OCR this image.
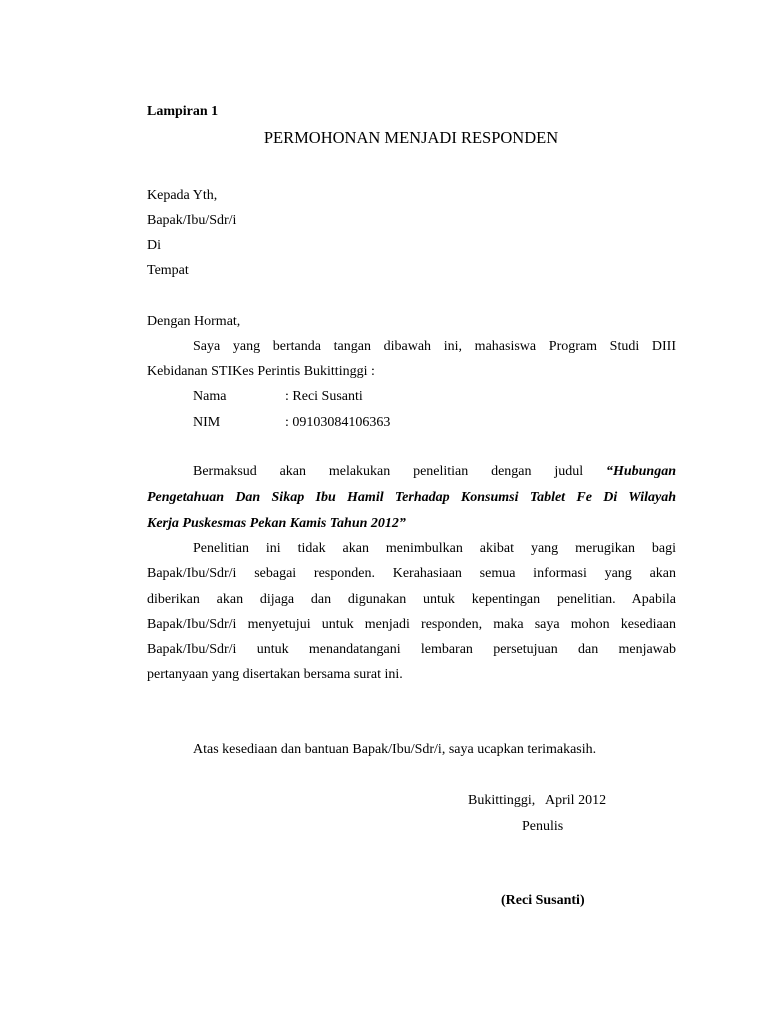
Lampiran 1
PERMOHONAN MENJADI RESPONDEN
Kepada Yth,
Bapak/Ibu/Sdr/i
Di
Tempat
Dengan Hormat,
Saya yang bertanda tangan dibawah ini, mahasiswa Program Studi DIII
Kebidanan STIKes Perintis Bukittinggi :
Nama	: Reci Susanti
NIM	: 09103084106363
Bermaksud akan melakukan penelitian dengan judul “Hubungan
Pengetahuan Dan Sikap Ibu Hamil Terhadap Konsumsi Tablet Fe Di Wilayah
Kerja Puskesmas Pekan Kamis Tahun 2012”
Penelitian ini tidak akan menimbulkan akibat yang merugikan bagi
Bapak/Ibu/Sdr/i sebagai responden. Kerahasiaan semua informasi yang akan
diberikan akan dijaga dan digunakan untuk kepentingan penelitian. Apabila
Bapak/Ibu/Sdr/i menyetujui untuk menjadi responden, maka saya mohon kesediaan
Bapak/Ibu/Sdr/i untuk menandatangani lembaran persetujuan dan menjawab
pertanyaan yang disertakan bersama surat ini.
Atas kesediaan dan bantuan Bapak/Ibu/Sdr/i, saya ucapkan terimakasih.
Bukittinggi,   April 2012
Penulis
(Reci Susanti)
